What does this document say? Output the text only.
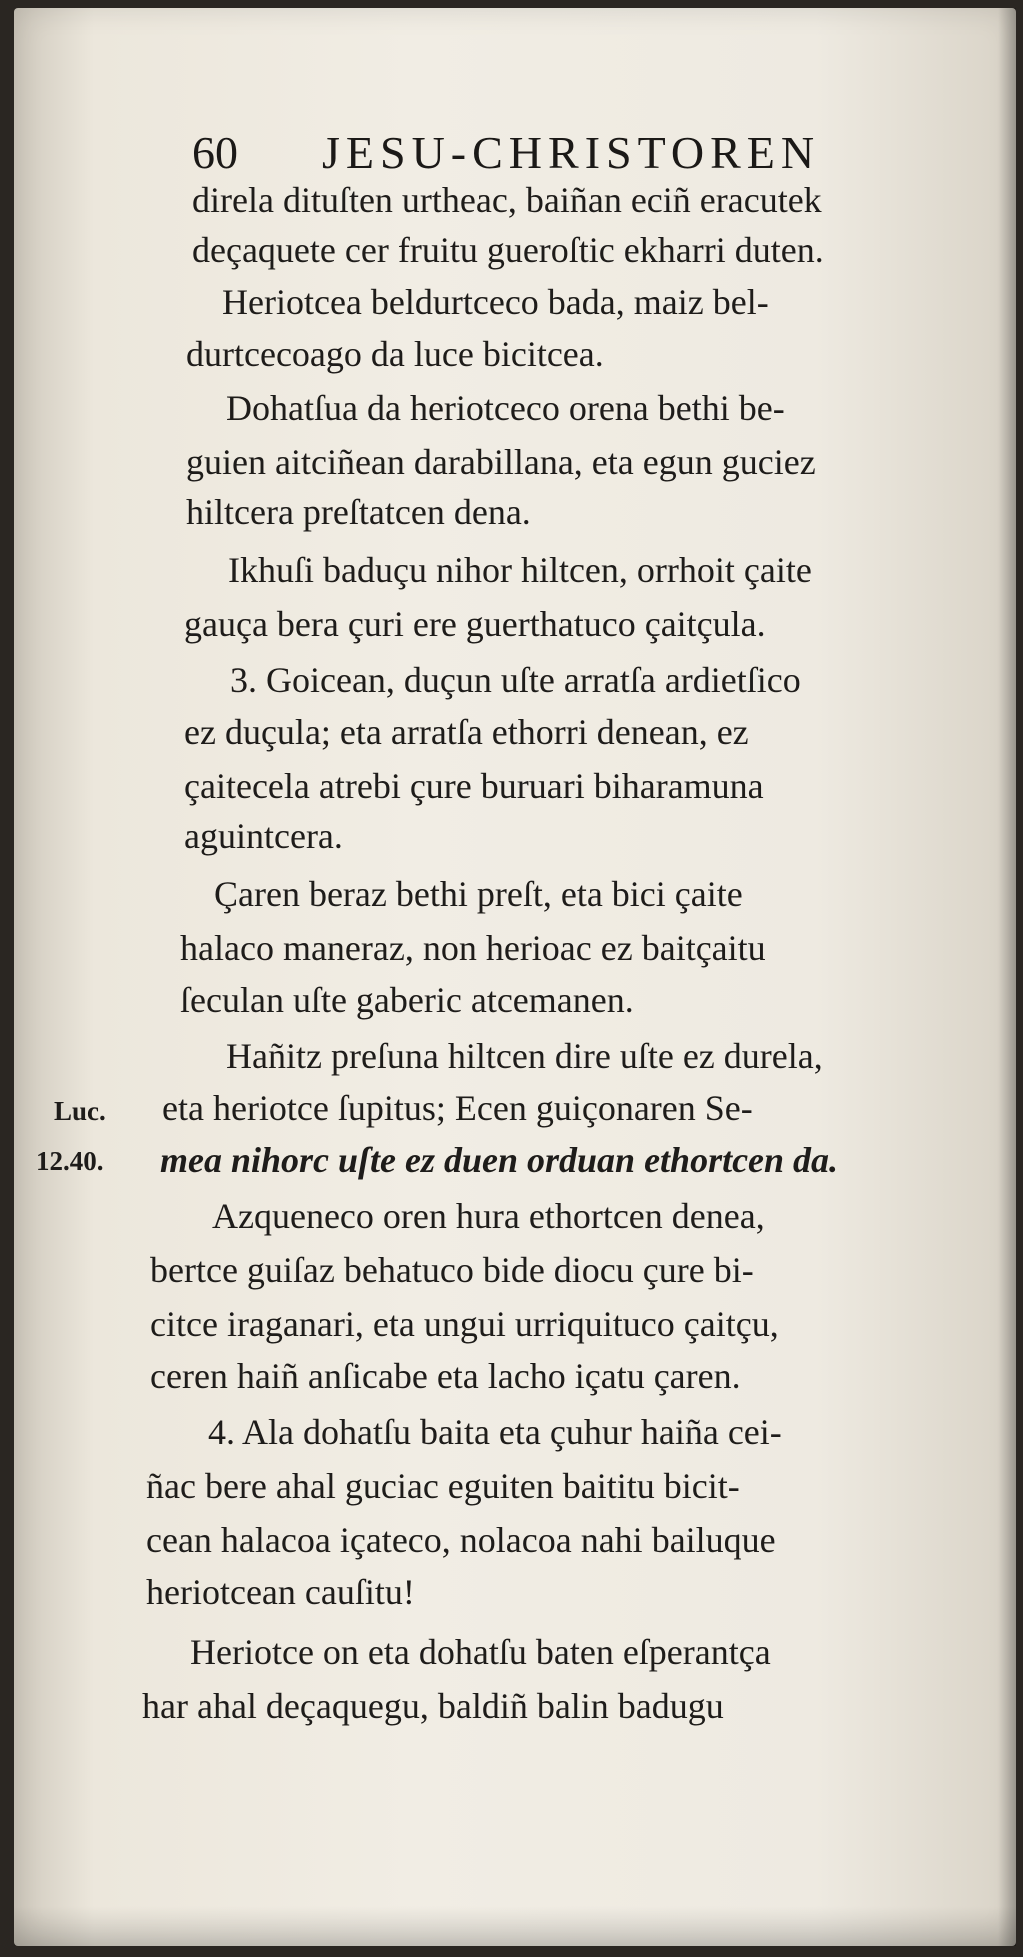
60 JESU-CHRISTOREN
direla dituſten urtheac, baiñan eciñ eracutek
deçaquete cer fruitu gueroſtic ekharri duten.
Heriotcea beldurtceco bada, maiz bel-
durtcecoago da luce bicitcea.
Dohatſua da heriotceco orena bethi be-
guien aitciñean darabillana, eta egun guciez
hiltcera preſtatcen dena.
Ikhuſi baduçu nihor hiltcen, orrhoit çaite
gauça bera çuri ere guerthatuco çaitçula.
3. Goicean, duçun uſte arratſa ardietſico
ez duçula; eta arratſa ethorri denean, ez
çaitecela atrebi çure buruari biharamuna
aguintcera.
Çaren beraz bethi preſt, eta bici çaite
halaco maneraz, non herioac ez baitçaitu
ſeculan uſte gaberic atcemanen.
Hañitz preſuna hiltcen dire uſte ez durela,
eta heriotce ſupitus; Ecen guiçonaren Se-
mea nihorc uſte ez duen orduan ethortcen da.
Azqueneco oren hura ethortcen denea,
bertce guiſaz behatuco bide diocu çure bi-
citce iraganari, eta ungui urriquituco çaitçu,
ceren haiñ anſicabe eta lacho içatu çaren.
4. Ala dohatſu baita eta çuhur haiña cei-
ñac bere ahal guciac eguiten baititu bicit-
cean halacoa içateco, nolacoa nahi bailuque
heriotcean cauſitu!
Heriotce on eta dohatſu baten eſperantça
har ahal deçaquegu, baldiñ balin badugu
Luc.
12.40.
